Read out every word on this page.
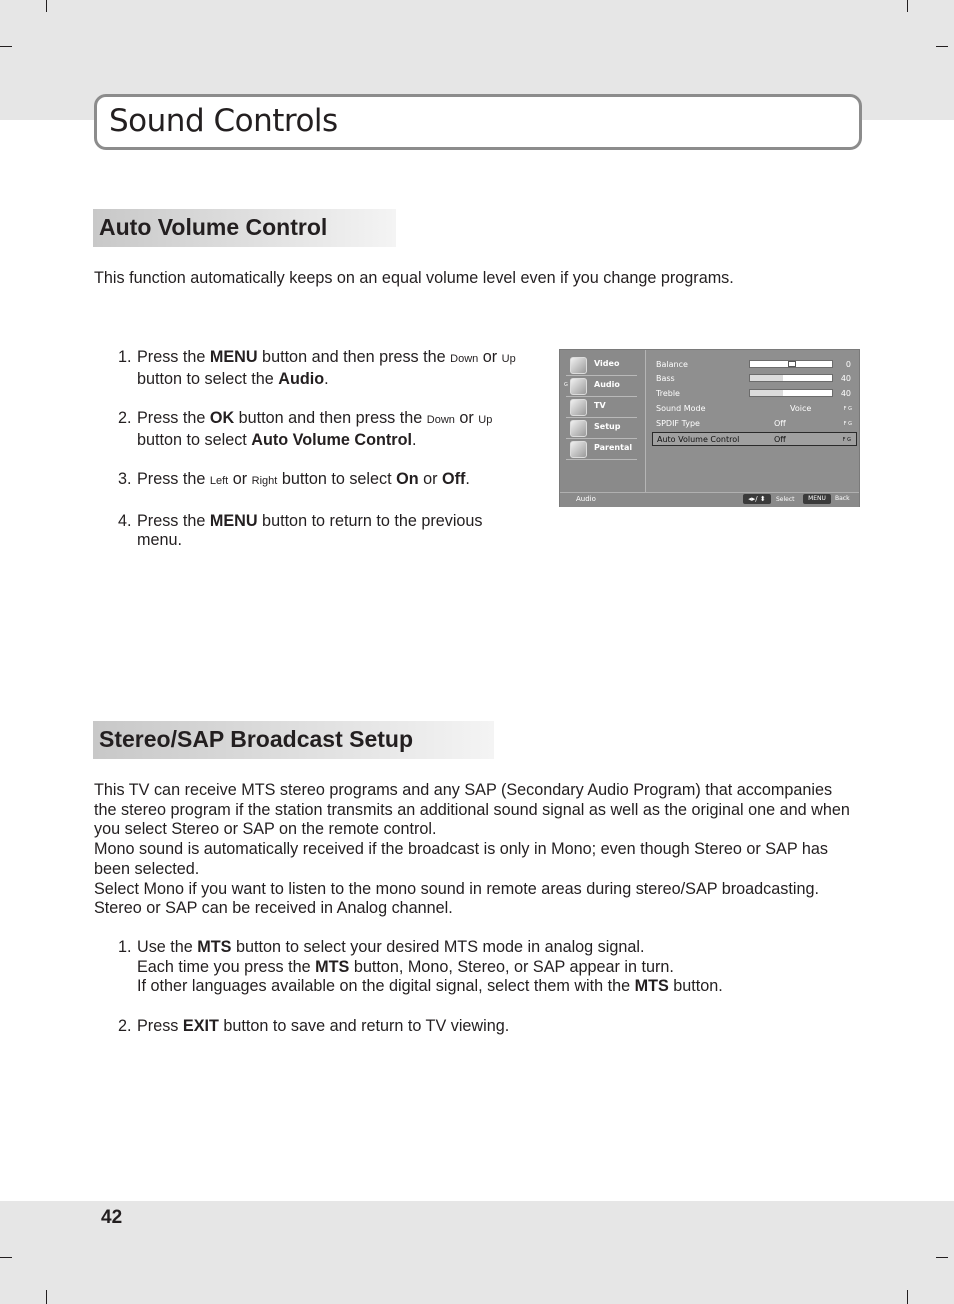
Sound Controls
Auto Volume Control
This function automatically keeps on an equal volume level even if you change programs.
1. Press the MENU button and then press the Down or Up button to select the Audio.
2. Press the OK button and then press the Down or Up button to select Auto Volume Control.
3. Press the Left or Right button to select On or Off.
4. Press the MENU button to return to the previous menu.
Video
G	Audio
TV
Setup
Parental
Balance	0
Bass	40
Treble	40
Sound Mode	Voice	F G
SPDIF Type	Off	F G
Auto Volume Control	Off	F G
Audio	◂▸/ ⬍	Select	MENU	Back
Stereo/SAP Broadcast Setup
This TV can receive MTS stereo programs and any SAP (Secondary Audio Program) that accompanies the stereo program if the station transmits an additional sound signal as well as the original one and when you select Stereo or SAP on the remote control.
Mono sound is automatically received if the broadcast is only in Mono; even though Stereo or SAP has been selected.
Select Mono if you want to listen to the mono sound in remote areas during stereo/SAP broadcasting.
Stereo or SAP can be received in Analog channel.
1. Use the MTS button to select your desired MTS mode in analog signal.
Each time you press the MTS button, Mono, Stereo, or SAP appear in turn.
If other languages available on the digital signal, select them with the MTS button.
2. Press EXIT button to save and return to TV viewing.
42
